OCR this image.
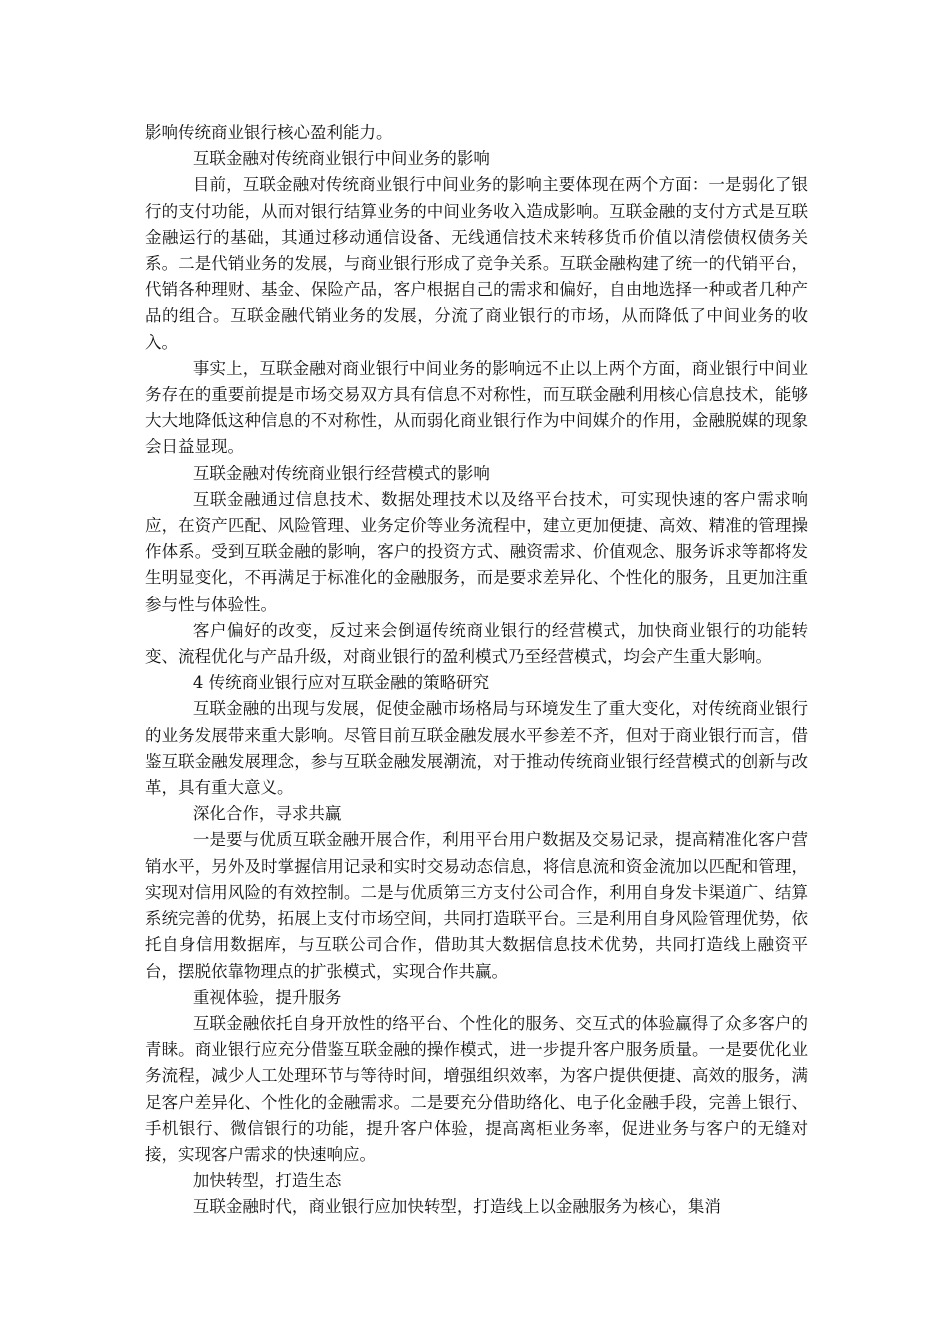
影响传统商业银行核心盈利能力。

互联金融对传统商业银行中间业务的影响

目前，互联金融对传统商业银行中间业务的影响主要体现在两个方面：一是弱化了银行的支付功能，从而对银行结算业务的中间业务收入造成影响。互联金融的支付方式是互联金融运行的基础，其通过移动通信设备、无线通信技术来转移货币价值以清偿债权债务关系。二是代销业务的发展，与商业银行形成了竞争关系。互联金融构建了统一的代销平台，代销各种理财、基金、保险产品，客户根据自己的需求和偏好，自由地选择一种或者几种产品的组合。互联金融代销业务的发展，分流了商业银行的市场，从而降低了中间业务的收入。

事实上，互联金融对商业银行中间业务的影响远不止以上两个方面，商业银行中间业务存在的重要前提是市场交易双方具有信息不对称性，而互联金融利用核心信息技术，能够大大地降低这种信息的不对称性，从而弱化商业银行作为中间媒介的作用，金融脱媒的现象会日益显现。

互联金融对传统商业银行经营模式的影响

互联金融通过信息技术、数据处理技术以及络平台技术，可实现快速的客户需求响应，在资产匹配、风险管理、业务定价等业务流程中，建立更加便捷、高效、精准的管理操作体系。受到互联金融的影响，客户的投资方式、融资需求、价值观念、服务诉求等都将发生明显变化，不再满足于标准化的金融服务，而是要求差异化、个性化的服务，且更加注重参与性与体验性。

客户偏好的改变，反过来会倒逼传统商业银行的经营模式，加快商业银行的功能转变、流程优化与产品升级，对商业银行的盈利模式乃至经营模式，均会产生重大影响。

4 传统商业银行应对互联金融的策略研究

互联金融的出现与发展，促使金融市场格局与环境发生了重大变化，对传统商业银行的业务发展带来重大影响。尽管目前互联金融发展水平参差不齐，但对于商业银行而言，借鉴互联金融发展理念，参与互联金融发展潮流，对于推动传统商业银行经营模式的创新与改革，具有重大意义。

深化合作，寻求共赢

一是要与优质互联金融开展合作，利用平台用户数据及交易记录，提高精准化客户营销水平，另外及时掌握信用记录和实时交易动态信息，将信息流和资金流加以匹配和管理，实现对信用风险的有效控制。二是与优质第三方支付公司合作，利用自身发卡渠道广、结算系统完善的优势，拓展上支付市场空间，共同打造联平台。三是利用自身风险管理优势，依托自身信用数据库，与互联公司合作，借助其大数据信息技术优势，共同打造线上融资平台，摆脱依靠物理点的扩张模式，实现合作共赢。

重视体验，提升服务

互联金融依托自身开放性的络平台、个性化的服务、交互式的体验赢得了众多客户的青睐。商业银行应充分借鉴互联金融的操作模式，进一步提升客户服务质量。一是要优化业务流程，减少人工处理环节与等待时间，增强组织效率，为客户提供便捷、高效的服务，满足客户差异化、个性化的金融需求。二是要充分借助络化、电子化金融手段，完善上银行、手机银行、微信银行的功能，提升客户体验，提高离柜业务率，促进业务与客户的无缝对接，实现客户需求的快速响应。

加快转型，打造生态

互联金融时代，商业银行应加快转型，打造线上以金融服务为核心，集消
